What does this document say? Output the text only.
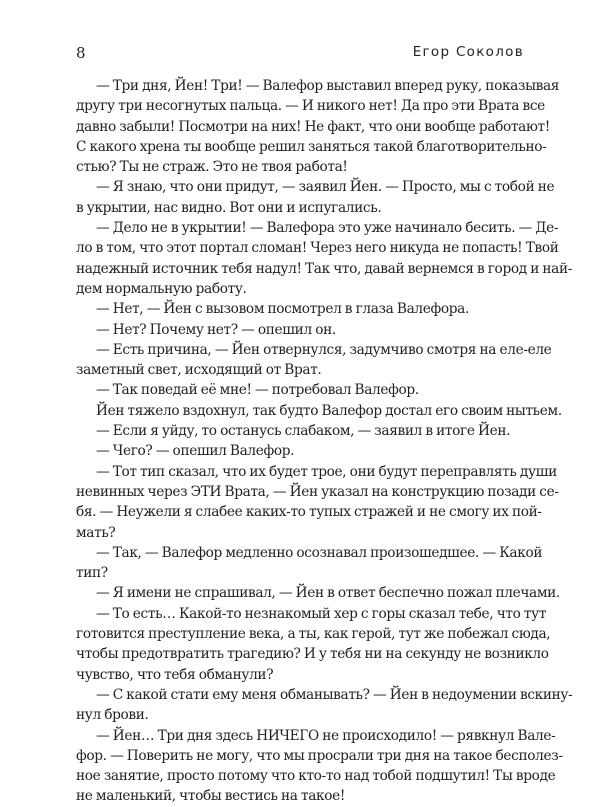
8	Егор Соколов
— Три дня, Йен! Три! — Валефор выставил вперед руку, показывая
другу три несогнутых пальца. — И никого нет! Да про эти Врата все
давно забыли! Посмотри на них! Не факт, что они вообще работают!
С какого хрена ты вообще решил заняться такой благотворительно-
стью? Ты не страж. Это не твоя работа!
— Я знаю, что они придут, — заявил Йен. — Просто, мы с тобой не
в укрытии, нас видно. Вот они и испугались.
— Дело не в укрытии! — Валефора это уже начинало бесить. — Де-
ло в том, что этот портал сломан! Через него никуда не попасть! Твой
надежный источник тебя надул! Так что, давай вернемся в город и най-
дем нормальную работу.
— Нет, — Йен с вызовом посмотрел в глаза Валефора.
— Нет? Почему нет? — опешил он.
— Есть причина, — Йен отвернулся, задумчиво смотря на еле-еле
заметный свет, исходящий от Врат.
— Так поведай её мне! — потребовал Валефор.
Йен тяжело вздохнул, так будто Валефор достал его своим нытьем.
— Если я уйду, то останусь слабаком, — заявил в итоге Йен.
— Чего? — опешил Валефор.
— Тот тип сказал, что их будет трое, они будут переправлять души
невинных через ЭТИ Врата, — Йен указал на конструкцию позади се-
бя. — Неужели я слабее каких-то тупых стражей и не смогу их пой-
мать?
— Так, — Валефор медленно осознавал произошедшее. — Какой
тип?
— Я имени не спрашивал, — Йен в ответ беспечно пожал плечами.
— То есть… Какой-то незнакомый хер с горы сказал тебе, что тут
готовится преступление века, а ты, как герой, тут же побежал сюда,
чтобы предотвратить трагедию? И у тебя ни на секунду не возникло
чувство, что тебя обманули?
— С какой стати ему меня обманывать? — Йен в недоумении вскину-
нул брови.
— Йен… Три дня здесь НИЧЕГО не происходило! — рявкнул Вале-
фор. — Поверить не могу, что мы просрали три дня на такое бесполез-
ное занятие, просто потому что кто-то над тобой подшутил! Ты вроде
не маленький, чтобы вестись на такое!
